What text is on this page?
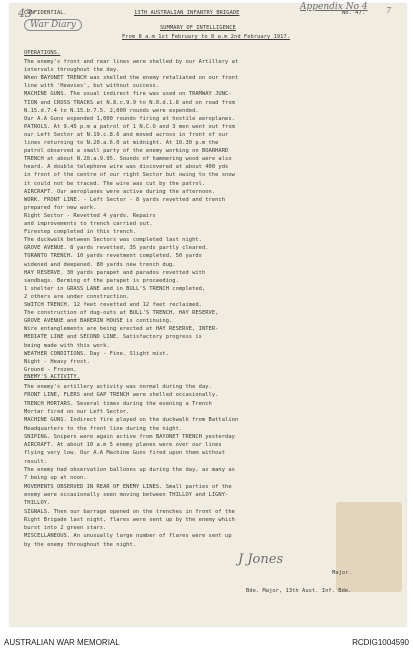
43
War Diary
CONFIDENTIAL.	13TH AUSTRALIAN INFANTRY BRIGADE	No. 47.
Appendix No 4 7
SUMMARY OF INTELLIGENCE
From 8 a.m 1st February to 8 a.m 2nd February 1917.
OPERATIONS.
The enemy's front and rear lines were shelled by our Artillery at
intervals throughout the day.
When BAYONET TRENCH was shelled the enemy retaliated on our front
line with 'Heavies', but without success.
MACHINE GUNS. The usual indirect fire was used on TRAMWAY JUNC-
TION and CROSS TRACKS at N.8.c.9.9 to N.8.d.1.8 and on road from
N.15.d.7.4 to N.15.b.7.5. 2,000 rounds were expended.
Our A.A Guns expended 1,000 rounds firing at hostile aeroplanes.
PATROLS. At 9.45 p.m a patrol of 1 N.C.O and 3 men went out from
our Left Sector at N.19.c.8.6 and moved across in front of our
lines returning to N.20.a.6.0 at midnight. At 10.30 p.m the
patrol observed a small party of the enemy working on BOARHARD
TRENCH at about N.20.a.9.95. Sounds of hammering wood were also
heard. A double telephone wire was discovered at about 400 yds
in front of the centre of our right Sector but owing to the snow
it could not be traced. The wire was cut by the patrol.
AIRCRAFT. Our aeroplanes were active during the afternoon.
WORK. FRONT LINE. - Left Sector - 8 yards revetted and trench
prepared for new work.
Right Sector - Revetted 4 yards. Repairs
and improvements to trench carried out.
Firestep completed in this trench.
The duckwalk between Sectors was completed last night.
GROVE AVENUE. 8 yards revetted, 35 yards partly cleared.
TORANTO TRENCH. 10 yards revetment completed. 50 yards
widened and deepened. 80 yards new trench dug.
HAY RESERVE. 30 yards parapet and parados revetted with
sandbags. Berming of the parapet is proceeding.
1 shelter in GRASS LANE and in BULL'S TRENCH completed,
2 others are under construction.
SWITCH TRENCH. 12 feet revetted and 12 feet reclaimed.
The construction of dug-outs at BULL'S TRENCH, HAY RESERVE,
GROVE AVENUE and BAKERIN HOUSE is continuing.
Wire entanglements are being erected at HAY RESERVE, INTER-
MEDIATE LINE and SECOND LINE. Satisfactory progress is
being made with this work.
WEATHER CONDITIONS. Day - Fine. Slight mist.
Night - Heavy frost.
Ground - Frozen.
ENEMY'S ACTIVITY.
The enemy's artillery activity was normal during the day.
FRONT LINE, FLERS and GAP TRENCH were shelled occasionally.
TRENCH MORTARS. Several times during the evening a Trench
Mortar fired on our Left Sector.
MACHINE GUNS. Indirect fire played on the duckwalk from Battalion
Headquarters to the front line during the night.
SNIPING. Snipers were again active from BAYONET TRENCH yesterday
AIRCRAFT. At about 10 a.m 5 enemy planes were over our lines
flying very low. Our A.A Machine Guns fired upon them without
result.
The enemy had observation balloons up during the day, as many as
7 being up at noon.
MOVEMENTS OBSERVED IN REAR OF ENEMY LINES. Small parties of the
enemy were occasionally seen moving between THILLOY and LIGNY-
THILLOY.
SIGNALS. Then our barrage opened on the trenches in front of the
Right Brigade last night, flares were sent up by the enemy which
burst into 2 green stars.
MISCELLANEOUS. An unusually large number of flares were sent up
by the enemy throughout the night.
J Jones
Major.
Bde. Major, 13th Aust. Inf. Bde.
AUSTRALIAN WAR MEMORIAL	RCDIG1004590
